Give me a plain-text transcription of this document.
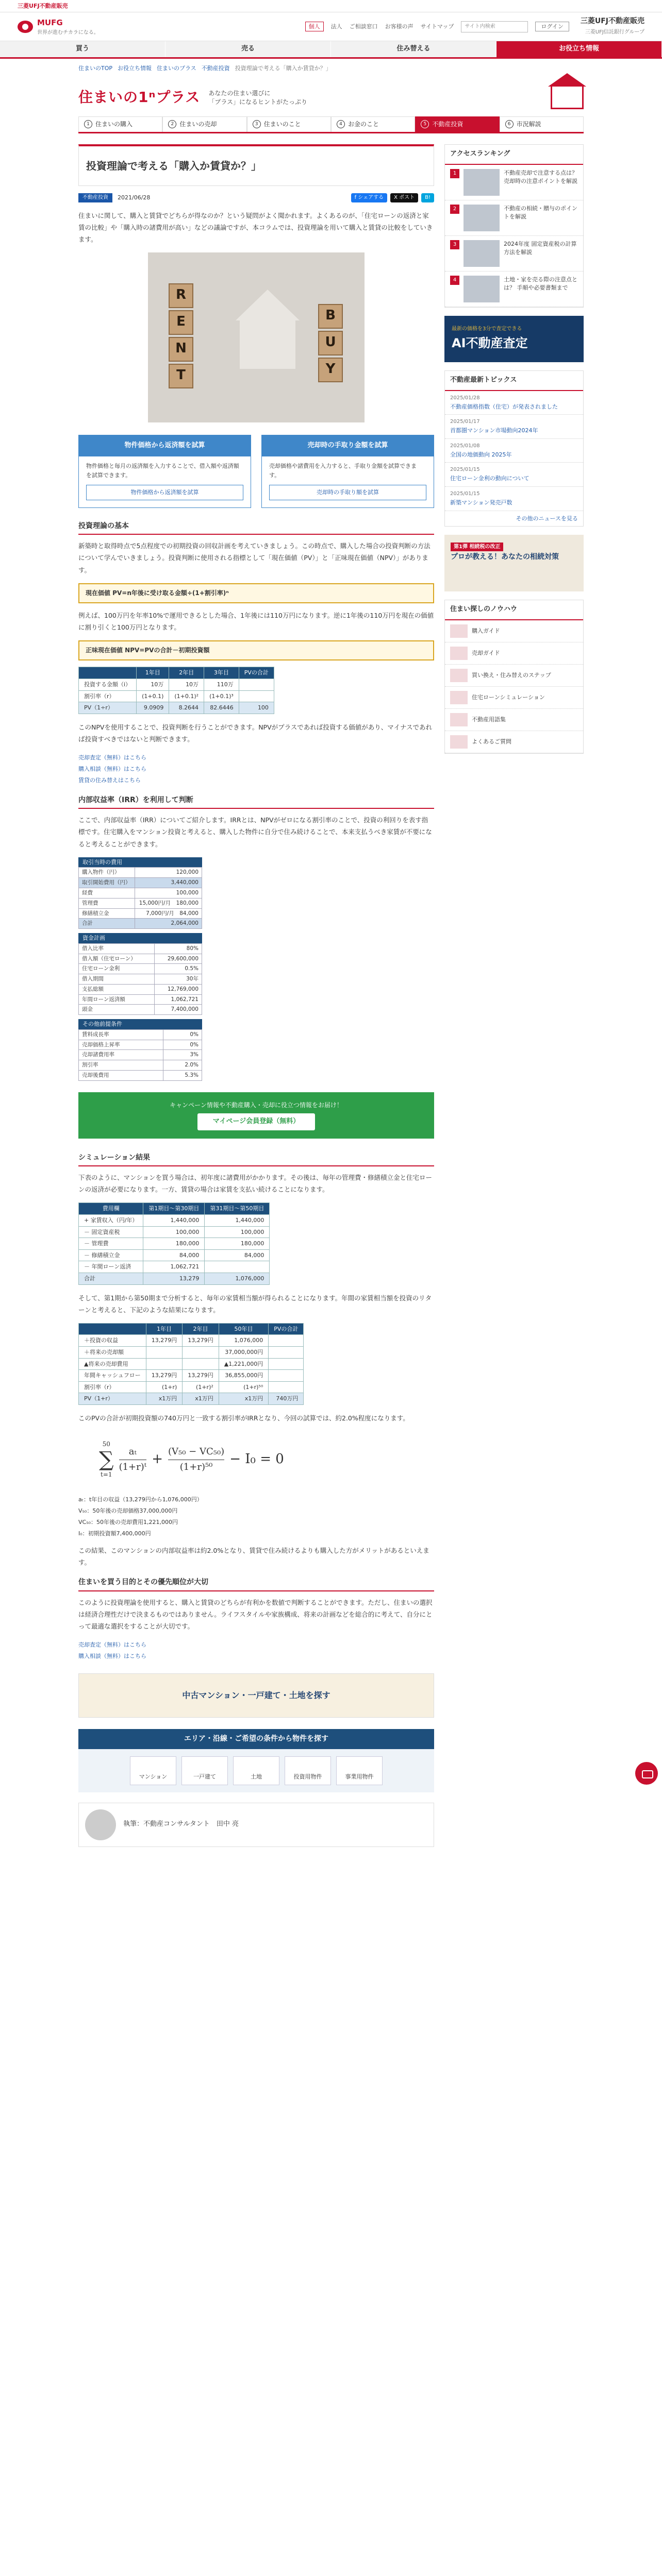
三菱UFJ不動産販売
MUFG
世界が進むチカラになる。
個人	法人 ご相談窓口 お客様の声 サイトマップ	サイト内検索	ログイン
三菱UFJ不動産販売
三菱UFJ信託銀行グループ
買う	売る	住み替える	お役立ち情報
住まいのTOP お役立ち情報 住まいのプラス 不動産投資 投資理論で考える「購入か賃貸か？」
住まいの1ⁿプラス あなたの住まい選びに
「プラス」になるヒントがたっぷり
1 住まいの購入	2 住まいの売却	3 住まいのこと	4 お金のこと	5 不動産投資	6 市況解説
投資理論で考える「購入か賃貸か？」
不動産投資	2021/06/28	f シェアする	X ポスト	B!

住まいに関して、購入と賃貸でどちらが得なのか？という疑問がよく聞かれます。よくあるのが、「住宅ローンの返済と家賃の比較」や「購入時の諸費用が高い」などの議論ですが、本コラムでは、投資理論を用いて購入と賃貸の比較をしていきます。

R
E
N
T
B
U
Y
物件価格から返済額を試算
物件価格と毎月の返済額を入力することで、借入額や返済額を試算できます。
物件価格から返済額を試算
売却時の手取り金額を試算
売却価格や諸費用を入力すると、手取り金額を試算できます。
売却時の手取り額を試算
投資理論の基本

新築時と取得時点で5点程度での初期投資の回収計画を考えていきましょう。この時点で、購入した場合の投資判断の方法について学んでいきましょう。投資判断に使用される指標として「現在価値（PV）」と「正味現在価値（NPV）」があります。

現在価値 PV=n年後に受け取る金額÷(1+割引率)ⁿ

例えば、100万円を年率10%で運用できるとした場合、1年後には110万円になります。逆に1年後の110万円を現在の価値に割り引くと100万円となります。

正味現在価値 NPV=PVの合計－初期投資額
	1年目	2年目	3年目	PVの合計
投資する金額（i）	10万	10万	110万	
割引率（r）	(1+0.1)	(1+0.1)²	(1+0.1)³	
PV（1÷r）	9.0909	8.2644	82.6446	100

このNPVを使用することで、投資判断を行うことができます。NPVがプラスであれば投資する価値があり、マイナスであれば投資すべきではないと判断できます。

売却査定（無料）はこちら
購入相談（無料）はこちら
賃貸の住み替えはこちら
内部収益率（IRR）を利用して判断

ここで、内部収益率（IRR）についてご紹介します。IRRとは、NPVがゼロになる割引率のことで、投資の利回りを表す指標です。住宅購入をマンション投資と考えると、購入した物件に自分で住み続けることで、本来支払うべき家賃が不要になると考えることができます。

取引当時の費用
購入物件（円）	120,000
取引開始費用（円）	3,440,000
経費	100,000
管理費	15,000円/月　 180,000
修繕積立金	7,000円/月　 84,000
合計	2,064,000
資金計画
借入比率	80%
借入額（住宅ローン）	29,600,000
住宅ローン金利	0.5%
借入期間	30年
支払総額	12,769,000
年間ローン返済額	1,062,721
頭金	7,400,000
その他前提条件
賃料成長率	0%
売却価格上昇率	0%
売却諸費用率	3%
割引率	2.0%
売却後費用	5.3%
キャンペーン情報や不動産購入・売却に役立つ情報をお届け！
マイページ会員登録（無料）
シミュレーション結果

下表のように、マンションを買う場合は、初年度に諸費用がかかります。その後は、毎年の管理費・修繕積立金と住宅ローンの返済が必要になります。一方、賃貸の場合は家賃を支払い続けることになります。

費用欄	第1期目〜第30期目	第31期目〜第50期目
+ 家賃収入（円/年）	1,440,000	1,440,000
－ 固定資産税	100,000	100,000
－ 管理費	180,000	180,000
－ 修繕積立金	84,000	84,000
－ 年間ローン返済	1,062,721	
合計	13,279	1,076,000

そして、第1期から第50期まで分析すると、毎年の家賃相当額が得られることになります。年間の家賃相当額を投資のリターンと考えると、下記のような結果になります。

	1年目	2年目	50年目	PVの合計
＋投資の収益	13,279円	13,279円	1,076,000	
＋将来の売却額			37,000,000円	
▲将来の売却費用			▲1,221,000円	
年間キャッシュフロー	13,279円	13,279円	36,855,000円	
割引率（r）	(1+r)	(1+r)²	(1+r)⁵⁰	
PV（1+r）	x1万円	x1万円	x1万円	740万円

このPVの合計が初期投資額の740万円と一致する割引率がIRRとなり、今回の試算では、約2.0%程度になります。

50
∑
$t=1 \frac{\text{aₜ}}{\text{(1+r)ᵗ}} + \frac{\text{(V₅₀ − VC₅₀)}}{\text{(1+r)⁵⁰}} - I_0 = 0$
aₜ：t年目の収益（13,279円から1,076,000円）
V₅₀：50年後の売却価格37,000,000円
VC₅₀：50年後の売却費用1,221,000円
I₀：初期投資額7,400,000円

この結果、このマンションの内部収益率は約2.0%となり、賃貸で住み続けるよりも購入した方がメリットがあるといえます。

住まいを買う目的とその優先順位が大切

このように投資理論を使用すると、購入と賃貸のどちらが有利かを数値で判断することができます。ただし、住まいの選択は経済合理性だけで決まるものではありません。ライフスタイルや家族構成、将来の計画などを総合的に考えて、自分にとって最適な選択をすることが大切です。

売却査定（無料）はこちら
購入相談（無料）はこちら
中古マンション・一戸建て・土地を探す
エリア・沿線・ご希望の条件から物件を探す
マンション	一戸建て	土地	投資用物件	事業用物件
執筆：不動産コンサルタント　田中 亮
アクセスランキング
1	不動産売却で注意する点は？ 売却時の注意ポイントを解説
2	不動産の相続・贈与のポイントを解説
3	2024年度 固定資産税の計算方法を解説
4	土地・家を売る際の注意点とは？ 手順や必要書類まで
最新の価格を3分で査定できる
AI不動産査定
不動産最新トピックス
2025/01/28
不動産価格指数（住宅）が発表されました
2025/01/17
首都圏マンション市場動向2024年
2025/01/08
全国の地価動向 2025年
2025/01/15
住宅ローン金利の動向について
2025/01/15
新築マンション発売戸数
その他のニュースを見る
第1弾 相続税の改正
プロが教える！あなたの相続対策
住まい探しのノウハウ
購入ガイド
売却ガイド
買い換え・住み替えのステップ
住宅ローンシミュレーション
不動産用語集
よくあるご質問
